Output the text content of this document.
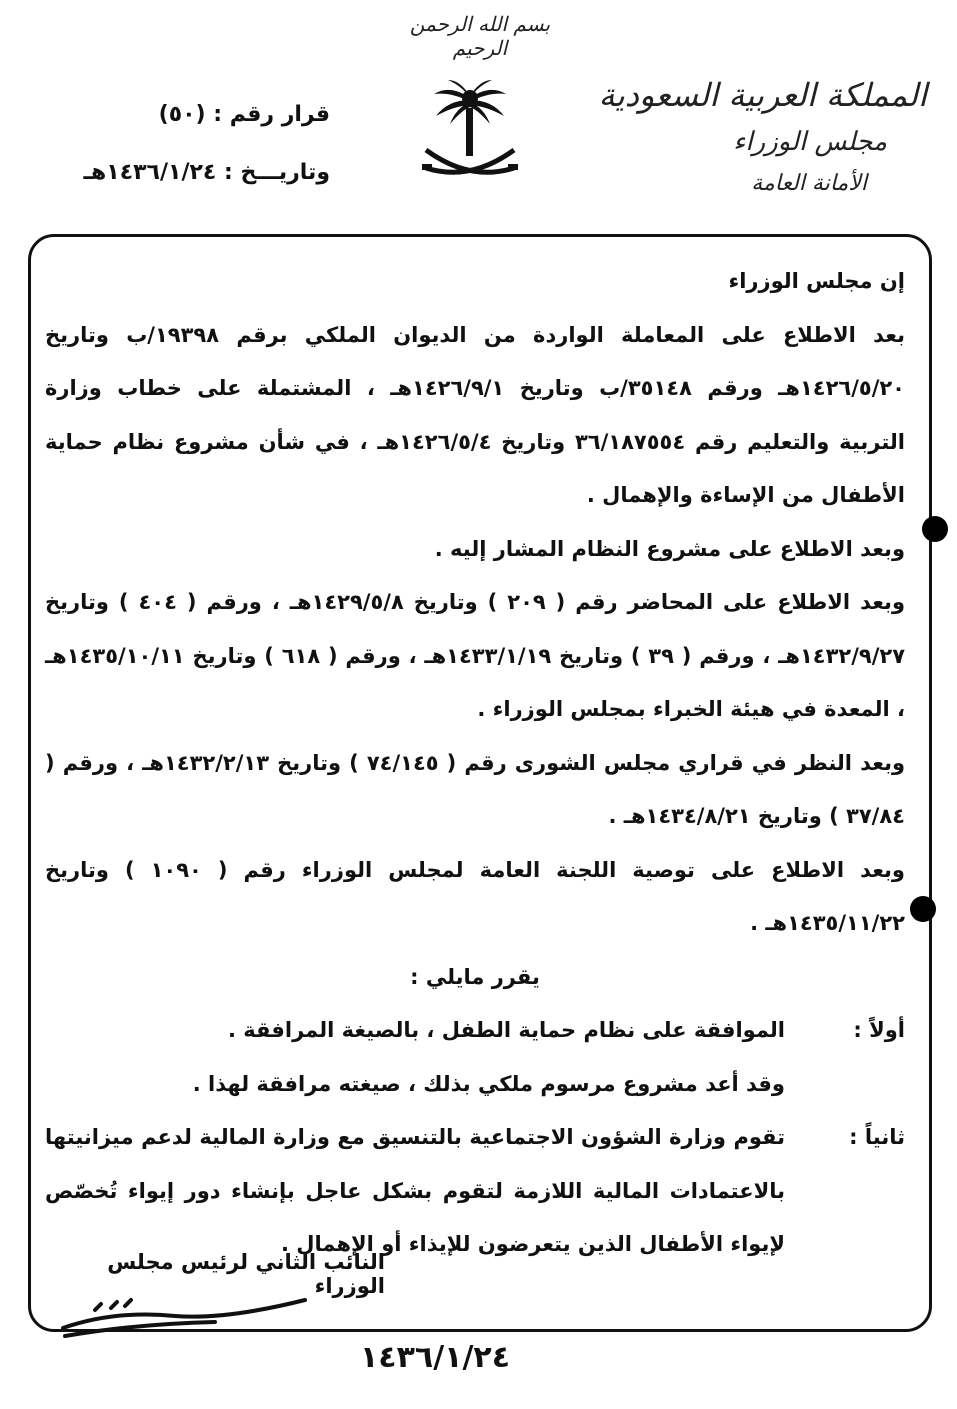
بسم الله الرحمن الرحيم
المملكة العربية السعودية
مجلس الوزراء
الأمانة العامة
قرار رقم : (٥٠)
وتاريـــخ : ١٤٣٦/١/٢٤هـ

إن مجلس الوزراء

بعد الاطلاع على المعاملة الواردة من الديوان الملكي برقم ١٩٣٩٨/ب وتاريخ ١٤٢٦/٥/٢٠هـ ورقم ٣٥١٤٨/ب وتاريخ ١٤٢٦/٩/١هـ ، المشتملة على خطاب وزارة التربية والتعليم رقم ٣٦/١٨٧٥٥٤ وتاريخ ١٤٢٦/٥/٤هـ ، في شأن مشروع نظام حماية الأطفال من الإساءة والإهمال .

وبعد الاطلاع على مشروع النظام المشار إليه .

وبعد الاطلاع على المحاضر رقم ( ٢٠٩ ) وتاريخ ١٤٢٩/٥/٨هـ ، ورقم ( ٤٠٤ ) وتاريخ ١٤٣٢/٩/٢٧هـ ، ورقم ( ٣٩ ) وتاريخ ١٤٣٣/١/١٩هـ ، ورقم ( ٦١٨ ) وتاريخ ١٤٣٥/١٠/١١هـ ، المعدة في هيئة الخبراء بمجلس الوزراء .

وبعد النظر في قراري مجلس الشورى رقم ( ٧٤/١٤٥ ) وتاريخ ١٤٣٢/٢/١٣هـ ، ورقم ( ٣٧/٨٤ ) وتاريخ ١٤٣٤/٨/٢١هـ .

وبعد الاطلاع على توصية اللجنة العامة لمجلس الوزراء رقم ( ١٠٩٠ ) وتاريخ ١٤٣٥/١١/٢٢هـ .

يقرر مايلي :

أولاً :

الموافقة على نظام حماية الطفل ، بالصيغة المرافقة .

وقد أعد مشروع مرسوم ملكي بذلك ، صيغته مرافقة لهذا .

ثانياً :

تقوم وزارة الشؤون الاجتماعية بالتنسيق مع وزارة المالية لدعم ميزانيتها بالاعتمادات المالية اللازمة لتقوم بشكل عاجل بإنشاء دور إيواء تُخصّص لإيواء الأطفال الذين يتعرضون للإيذاء أو الإهمال .

النائب الثاني لرئيس مجلس الوزراء
١٤٣٦/١/٢٤
